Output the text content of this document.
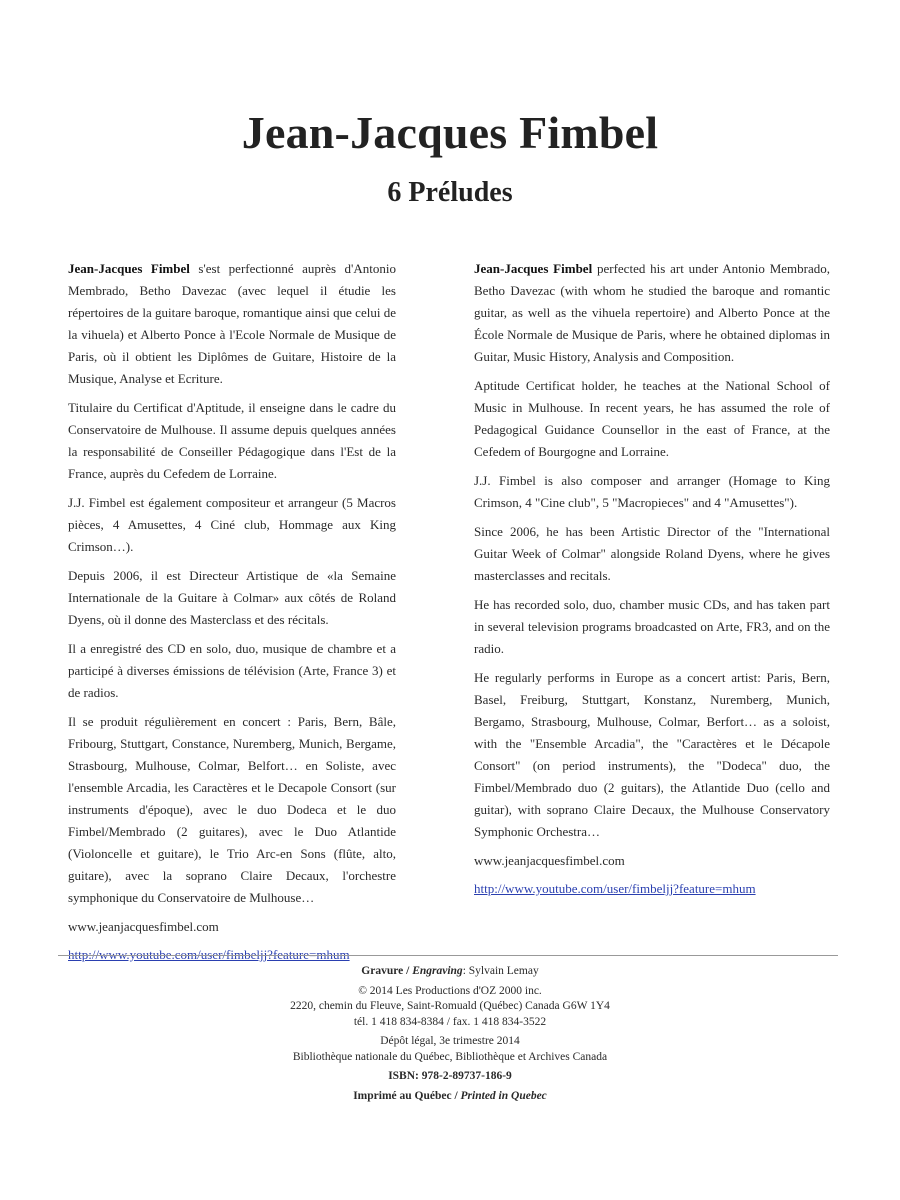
Jean-Jacques Fimbel
6 Préludes

Jean-Jacques Fimbel s'est perfectionné auprès d'Antonio Membrado, Betho Davezac (avec lequel il étudie les répertoires de la guitare baroque, romantique ainsi que celui de la vihuela) et Alberto Ponce à l'Ecole Normale de Musique de Paris, où il obtient les Diplômes de Guitare, Histoire de la Musique, Analyse et Ecriture.

Titulaire du Certificat d'Aptitude, il enseigne dans le cadre du Conservatoire de Mulhouse. Il assume depuis quelques années la responsabilité de Conseiller Pédagogique dans l'Est de la France, auprès du Cefedem de Lorraine.

J.J. Fimbel est également compositeur et arrangeur (5 Macros pièces, 4 Amusettes, 4 Ciné club, Hommage aux King Crimson…).

Depuis 2006, il est Directeur Artistique de «la Semaine Internationale de la Guitare à Colmar» aux côtés de Roland Dyens, où il donne des Masterclass et des récitals.

Il a enregistré des CD en solo, duo, musique de chambre et a participé à diverses émissions de télévision (Arte, France 3) et de radios.

Il se produit régulièrement en concert : Paris, Bern, Bâle, Fribourg, Stuttgart, Constance, Nuremberg, Munich, Bergame, Strasbourg, Mulhouse, Colmar, Belfort… en Soliste, avec l'ensemble Arcadia, les Caractères et le Decapole Consort (sur instruments d'époque), avec le duo Dodeca et le duo Fimbel/Membrado (2 guitares), avec le Duo Atlantide (Violoncelle et guitare), le Trio Arc-en Sons (flûte, alto, guitare), avec la soprano Claire Decaux, l'orchestre symphonique du Conservatoire de Mulhouse…

www.jeanjacquesfimbel.com

http://www.youtube.com/user/fimbeljj?feature=mhum

Jean-Jacques Fimbel perfected his art under Antonio Membrado, Betho Davezac (with whom he studied the baroque and romantic guitar, as well as the vihuela repertoire) and Alberto Ponce at the École Normale de Musique de Paris, where he obtained diplomas in Guitar, Music History, Analysis and Composition.

Aptitude Certificat holder, he teaches at the National School of Music in Mulhouse. In recent years, he has assumed the role of Pedagogical Guidance Counsellor in the east of France, at the Cefedem of Bourgogne and Lorraine.

J.J. Fimbel is also composer and arranger (Homage to King Crimson, 4 "Cine club", 5 "Macropieces" and 4 "Amusettes").

Since 2006, he has been Artistic Director of the "International Guitar Week of Colmar" alongside Roland Dyens, where he gives masterclasses and recitals.

He has recorded solo, duo, chamber music CDs, and has taken part in several television programs broadcasted on Arte, FR3, and on the radio.

He regularly performs in Europe as a concert artist: Paris, Bern, Basel, Freiburg, Stuttgart, Konstanz, Nuremberg, Munich, Bergamo, Strasbourg, Mulhouse, Colmar, Berfort… as a soloist, with the "Ensemble Arcadia", the "Caractères et le Décapole Consort" (on period instruments), the "Dodeca" duo, the Fimbel/Membrado duo (2 guitars), the Atlantide Duo (cello and guitar), with soprano Claire Decaux, the Mulhouse Conservatory Symphonic Orchestra…

www.jeanjacquesfimbel.com

http://www.youtube.com/user/fimbeljj?feature=mhum

Gravure / Engraving: Sylvain Lemay
© 2014 Les Productions d'OZ 2000 inc.
2220, chemin du Fleuve, Saint-Romuald (Québec) Canada G6W 1Y4
tél. 1 418 834-8384 / fax. 1 418 834-3522
Dépôt légal, 3e trimestre 2014
Bibliothèque nationale du Québec, Bibliothèque et Archives Canada
ISBN: 978-2-89737-186-9
Imprimé au Québec / Printed in Quebec
